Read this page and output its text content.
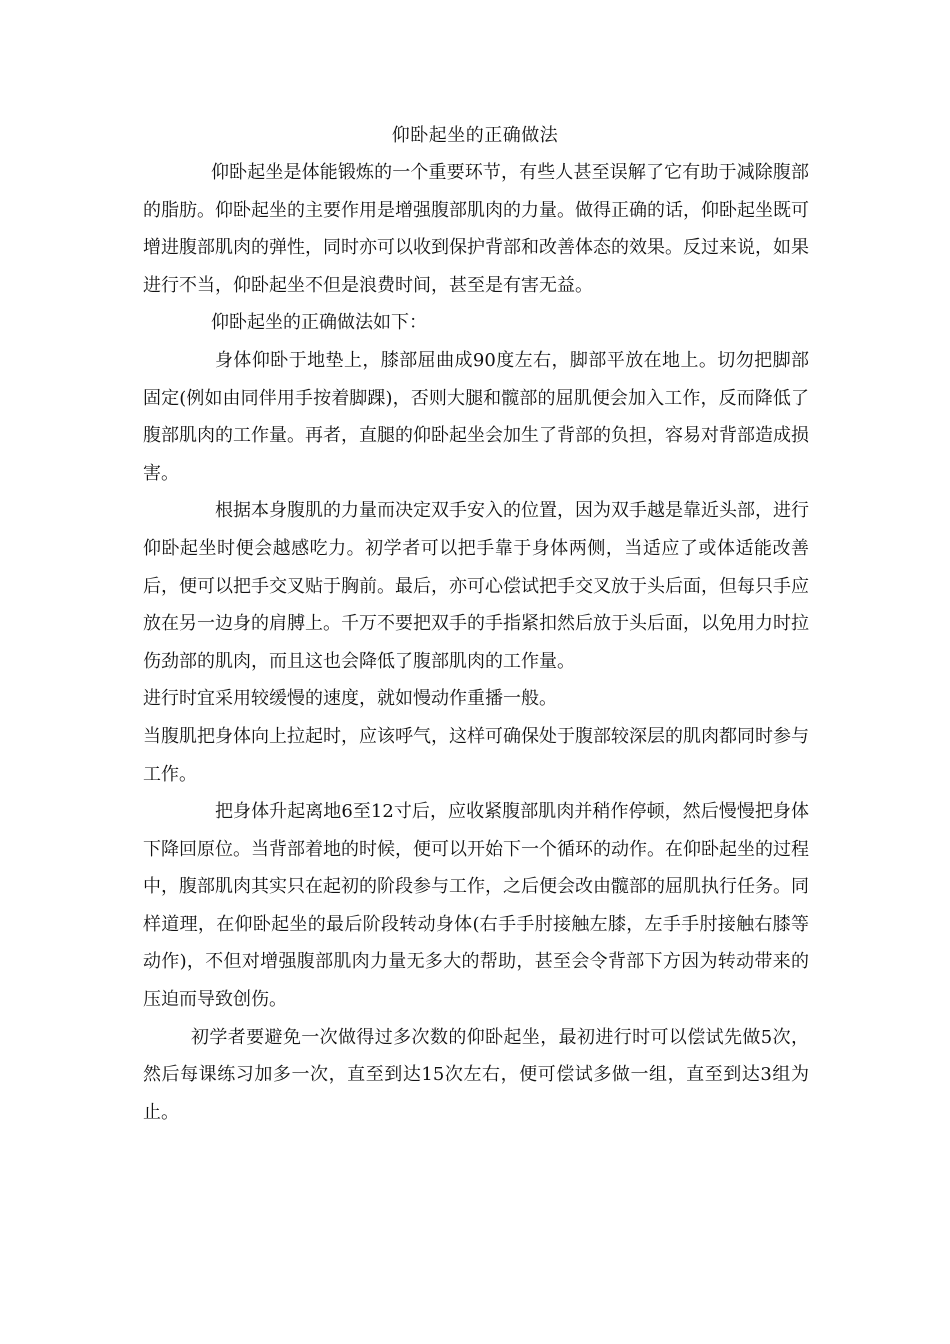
仰卧起坐的正确做法

仰卧起坐是体能锻炼的一个重要环节，有些人甚至误解了它有助于减除腹部的脂肪。仰卧起坐的主要作用是增强腹部肌肉的力量。做得正确的话，仰卧起坐既可增进腹部肌肉的弹性，同时亦可以收到保护背部和改善体态的效果。反过来说，如果进行不当，仰卧起坐不但是浪费时间，甚至是有害无益。

仰卧起坐的正确做法如下：

身体仰卧于地垫上，膝部屈曲成90度左右，脚部平放在地上。切勿把脚部固定(例如由同伴用手按着脚踝)，否则大腿和髋部的屈肌便会加入工作，反而降低了腹部肌肉的工作量。再者，直腿的仰卧起坐会加生了背部的负担，容易对背部造成损害。

根据本身腹肌的力量而决定双手安入的位置，因为双手越是靠近头部，进行仰卧起坐时便会越感吃力。初学者可以把手靠于身体两侧，当适应了或体适能改善后，便可以把手交叉贴于胸前。最后，亦可心偿试把手交叉放于头后面，但每只手应放在另一边身的肩膊上。千万不要把双手的手指紧扣然后放于头后面，以免用力时拉伤劲部的肌肉，而且这也会降低了腹部肌肉的工作量。

进行时宜采用较缓慢的速度，就如慢动作重播一般。

当腹肌把身体向上拉起时，应该呼气，这样可确保处于腹部较深层的肌肉都同时参与工作。

把身体升起离地6至12寸后，应收紧腹部肌肉并稍作停顿，然后慢慢把身体下降回原位。当背部着地的时候，便可以开始下一个循环的动作。在仰卧起坐的过程中，腹部肌肉其实只在起初的阶段参与工作，之后便会改由髋部的屈肌执行任务。同样道理，在仰卧起坐的最后阶段转动身体(右手手肘接触左膝，左手手肘接触右膝等动作)，不但对增强腹部肌肉力量无多大的帮助，甚至会令背部下方因为转动带来的压迫而导致创伤。

初学者要避免一次做得过多次数的仰卧起坐，最初进行时可以偿试先做5次，然后每课练习加多一次，直至到达15次左右，便可偿试多做一组，直至到达3组为止。
